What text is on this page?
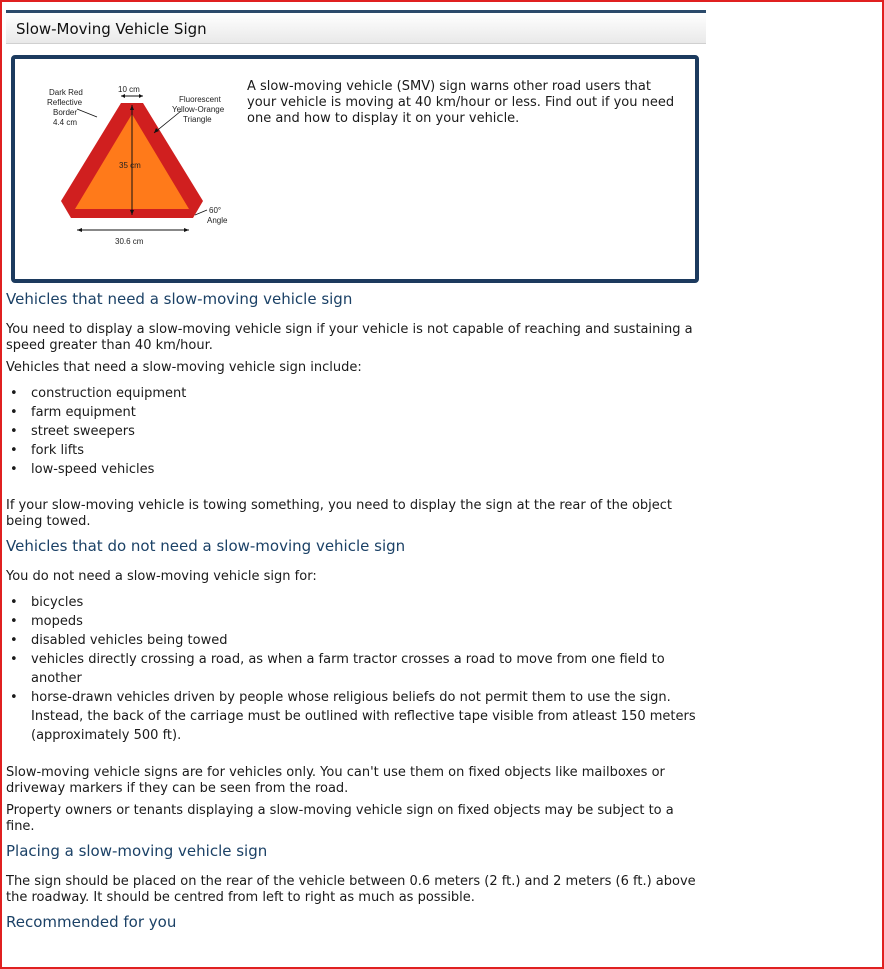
Slow-Moving Vehicle Sign
Dark Red
Reflective
Border
4.4 cm
10 cm
Fluorescent
Yellow-Orange
Triangle
35 cm
60°
Angle
30.6 cm

A slow-moving vehicle (SMV) sign warns other road users that your vehicle is moving at 40 km/hour or less. Find out if you need one and how to display it on your vehicle.

Vehicles that need a slow-moving vehicle sign

You need to display a slow-moving vehicle sign if your vehicle is not capable of reaching and sustaining a speed greater than 40 km/hour.

Vehicles that need a slow-moving vehicle sign include:

• construction equipment
• farm equipment
• street sweepers
• fork lifts
• low-speed vehicles

If your slow-moving vehicle is towing something, you need to display the sign at the rear of the object being towed.

Vehicles that do not need a slow-moving vehicle sign

You do not need a slow-moving vehicle sign for:

• bicycles
• mopeds
• disabled vehicles being towed
• vehicles directly crossing a road, as when a farm tractor crosses a road to move from one field to another
• horse-drawn vehicles driven by people whose religious beliefs do not permit them to use the sign. Instead, the back of the carriage must be outlined with reflective tape visible from atleast 150 meters (approximately 500 ft).

Slow-moving vehicle signs are for vehicles only. You can't use them on fixed objects like mailboxes or driveway markers if they can be seen from the road.

Property owners or tenants displaying a slow-moving vehicle sign on fixed objects may be subject to a fine.

Placing a slow-moving vehicle sign

The sign should be placed on the rear of the vehicle between 0.6 meters (2 ft.) and 2 meters (6 ft.) above the roadway. It should be centred from left to right as much as possible.

Recommended for you
